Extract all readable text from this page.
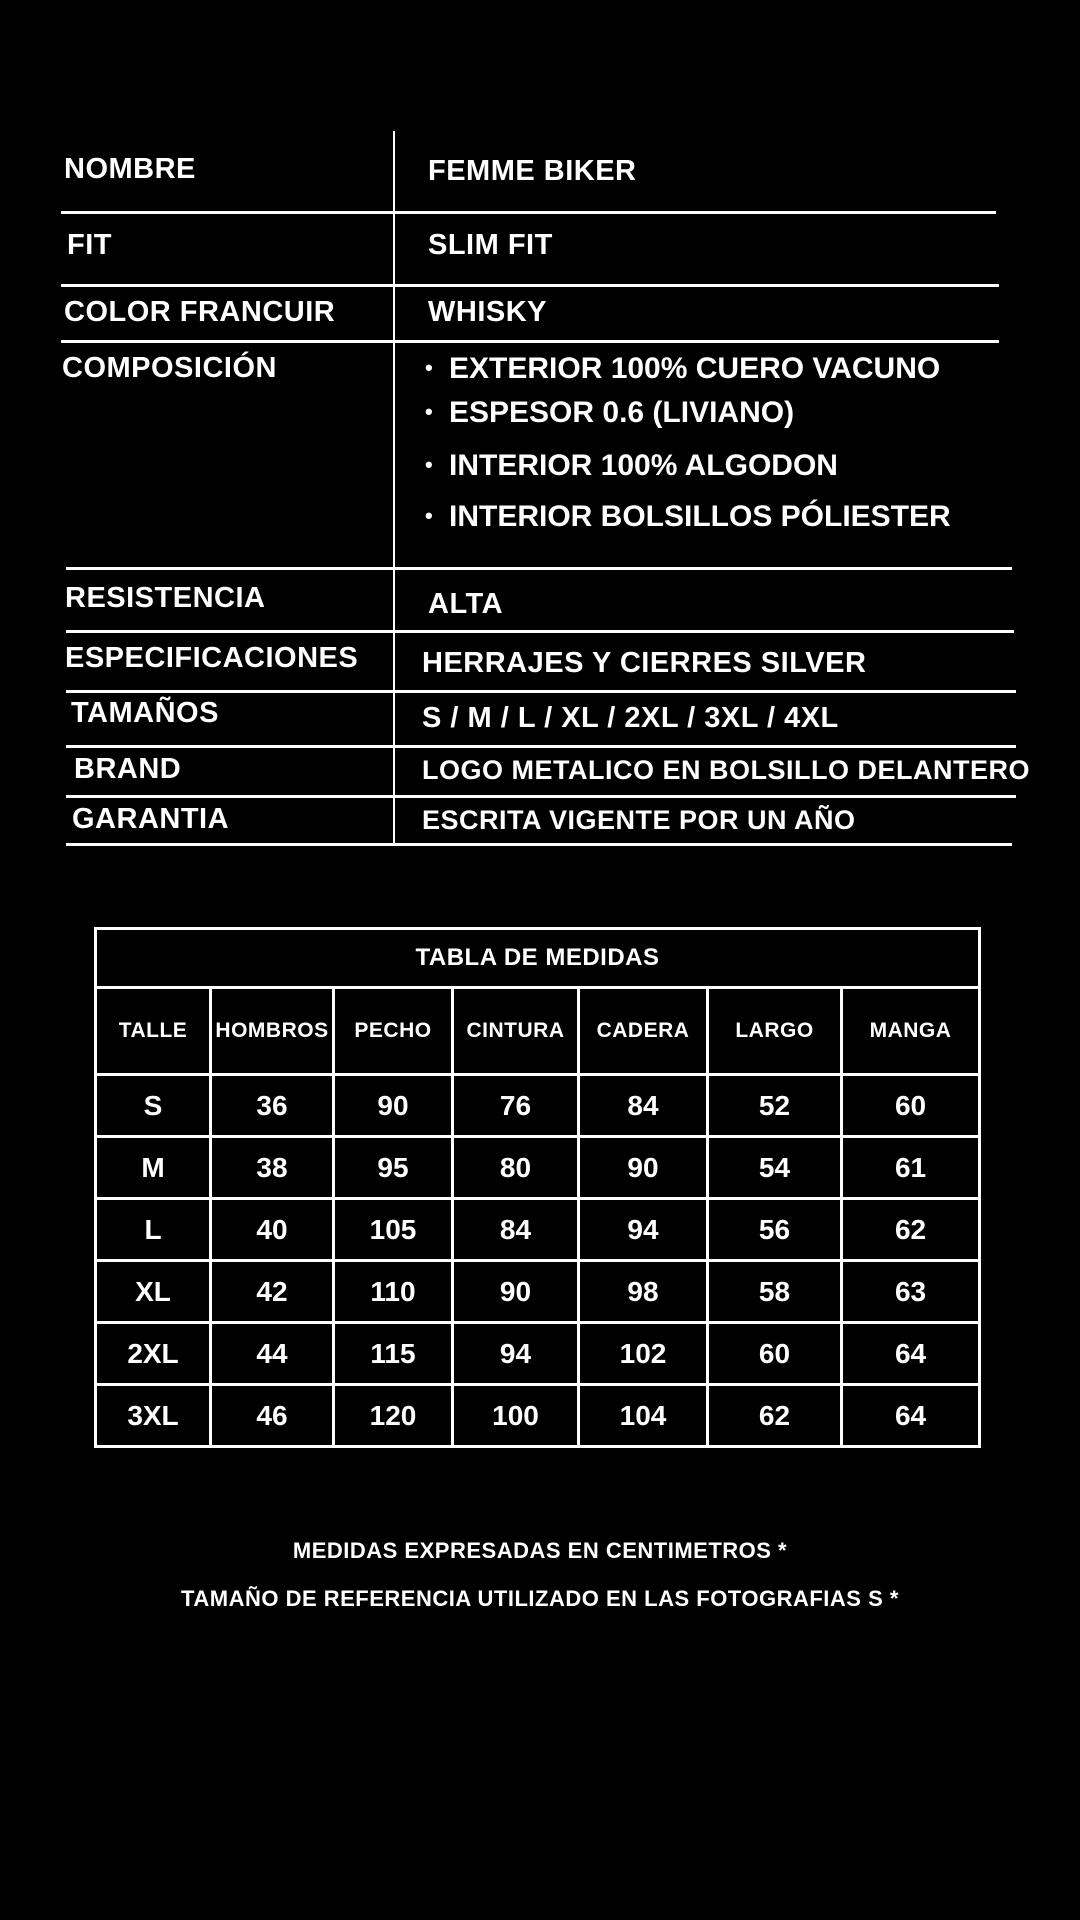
NOMBRE	FEMME BIKER
FIT	SLIM FIT
COLOR FRANCUIR	WHISKY
COMPOSICIÓN	• EXTERIOR 100% CUERO VACUNO
• ESPESOR 0.6 (LIVIANO)
• INTERIOR 100% ALGODON
• INTERIOR BOLSILLOS PÓLIESTER
RESISTENCIA	ALTA
ESPECIFICACIONES HERRAJES Y CIERRES SILVER
TAMAÑOS	S / M / L / XL / 2XL / 3XL / 4XL
BRAND	LOGO METALICO EN BOLSILLO DELANTERO
GARANTIA	ESCRITA VIGENTE POR UN AÑO
TABLA DE MEDIDAS						
TALLE	HOMBROS	PECHO	CINTURA	CADERA	LARGO	MANGA
S	36	90	76	84	52	60
M	38	95	80	90	54	61
L	40	105	84	94	56	62
XL	42	110	90	98	58	63
2XL	44	115	94	102	60	64
3XL	46	120	100	104	62	64
MEDIDAS EXPRESADAS EN CENTIMETROS *
TAMAÑO DE REFERENCIA UTILIZADO EN LAS FOTOGRAFIAS S *
